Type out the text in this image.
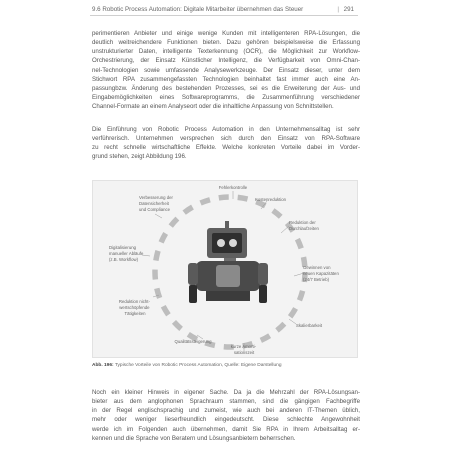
9.6 Robotic Process Automation: Digitale Mitarbeiter übernehmen das Steuer	| 291
perimentieren Anbieter und einige wenige Kunden mit intelligenteren RPA-Lösungen, die
deutlich weitreichendere Funktionen bieten. Dazu gehören beispielsweise die Erfassung
unstrukturierter Daten, intelligente Texterkennung (OCR), die Möglichkeit zur Workflow-
Orchestrierung, der Einsatz Künstlicher Intelligenz, die Verfügbarkeit von Omni-Chan-
nel-Technologien sowie umfassende Analysewerkzeuge. Der Einsatz dieser, unter dem
Stichwort RPA zusammengefassten Technologien beinhaltet fast immer auch eine An-
passungbzw. Änderung des bestehenden Prozesses, sei es die Erweiterung der Aus- und
Eingabemöglichkeiten eines Softwareprogramms, die Zusammenführung verschiedener
Channel-Formate an einem Analyseort oder die inhaltliche Anpassung von Schnittstellen.
Die Einführung von Robotic Process Automation in den Unternehmensalltag ist sehr
verführerisch. Unternehmen versprechen sich durch den Einsatz von RPA-Software
zu recht schnelle wirtschaftliche Effekte. Welche konkreten Vorteile dabei im Vorder-
grund stehen, zeigt Abbildung 196.
Fehlerkontrolle
Kostenreduktion
Reduktion der Durchlaufzeiten
Gewinnen von neuen Kapazitäten (24/7 Betrieb)
Skalierbarkeit
kurze Amorti- sationszeit
Qualitätssteigerung
Reduktion nicht- wertschöpfende Tätigkeiten
Digitalisierung manueller Abläufe (z.B. Workflow)
Verbesserung der Datensicherheit und Compliance
Abb. 196: Typische Vorteile von Robotic Process Automation, Quelle: Eigene Darstellung
Noch ein kleiner Hinweis in eigener Sache. Da ja die Mehrzahl der RPA-Lösungsan-
bieter aus dem anglophonen Sprachraum stammen, sind die gängigen Fachbegriffe
in der Regel englischsprachig und zumeist, wie auch bei anderen IT-Themen üblich,
mehr oder weniger lieserfreundlich eingedeutscht. Diese schlechte Angewohnheit
werde ich im Folgenden auch übernehmen, damit Sie RPA in Ihrem Arbeitsalltag er-
kennen und die Sprache von Beratern und Lösungsanbietern beherrschen.
